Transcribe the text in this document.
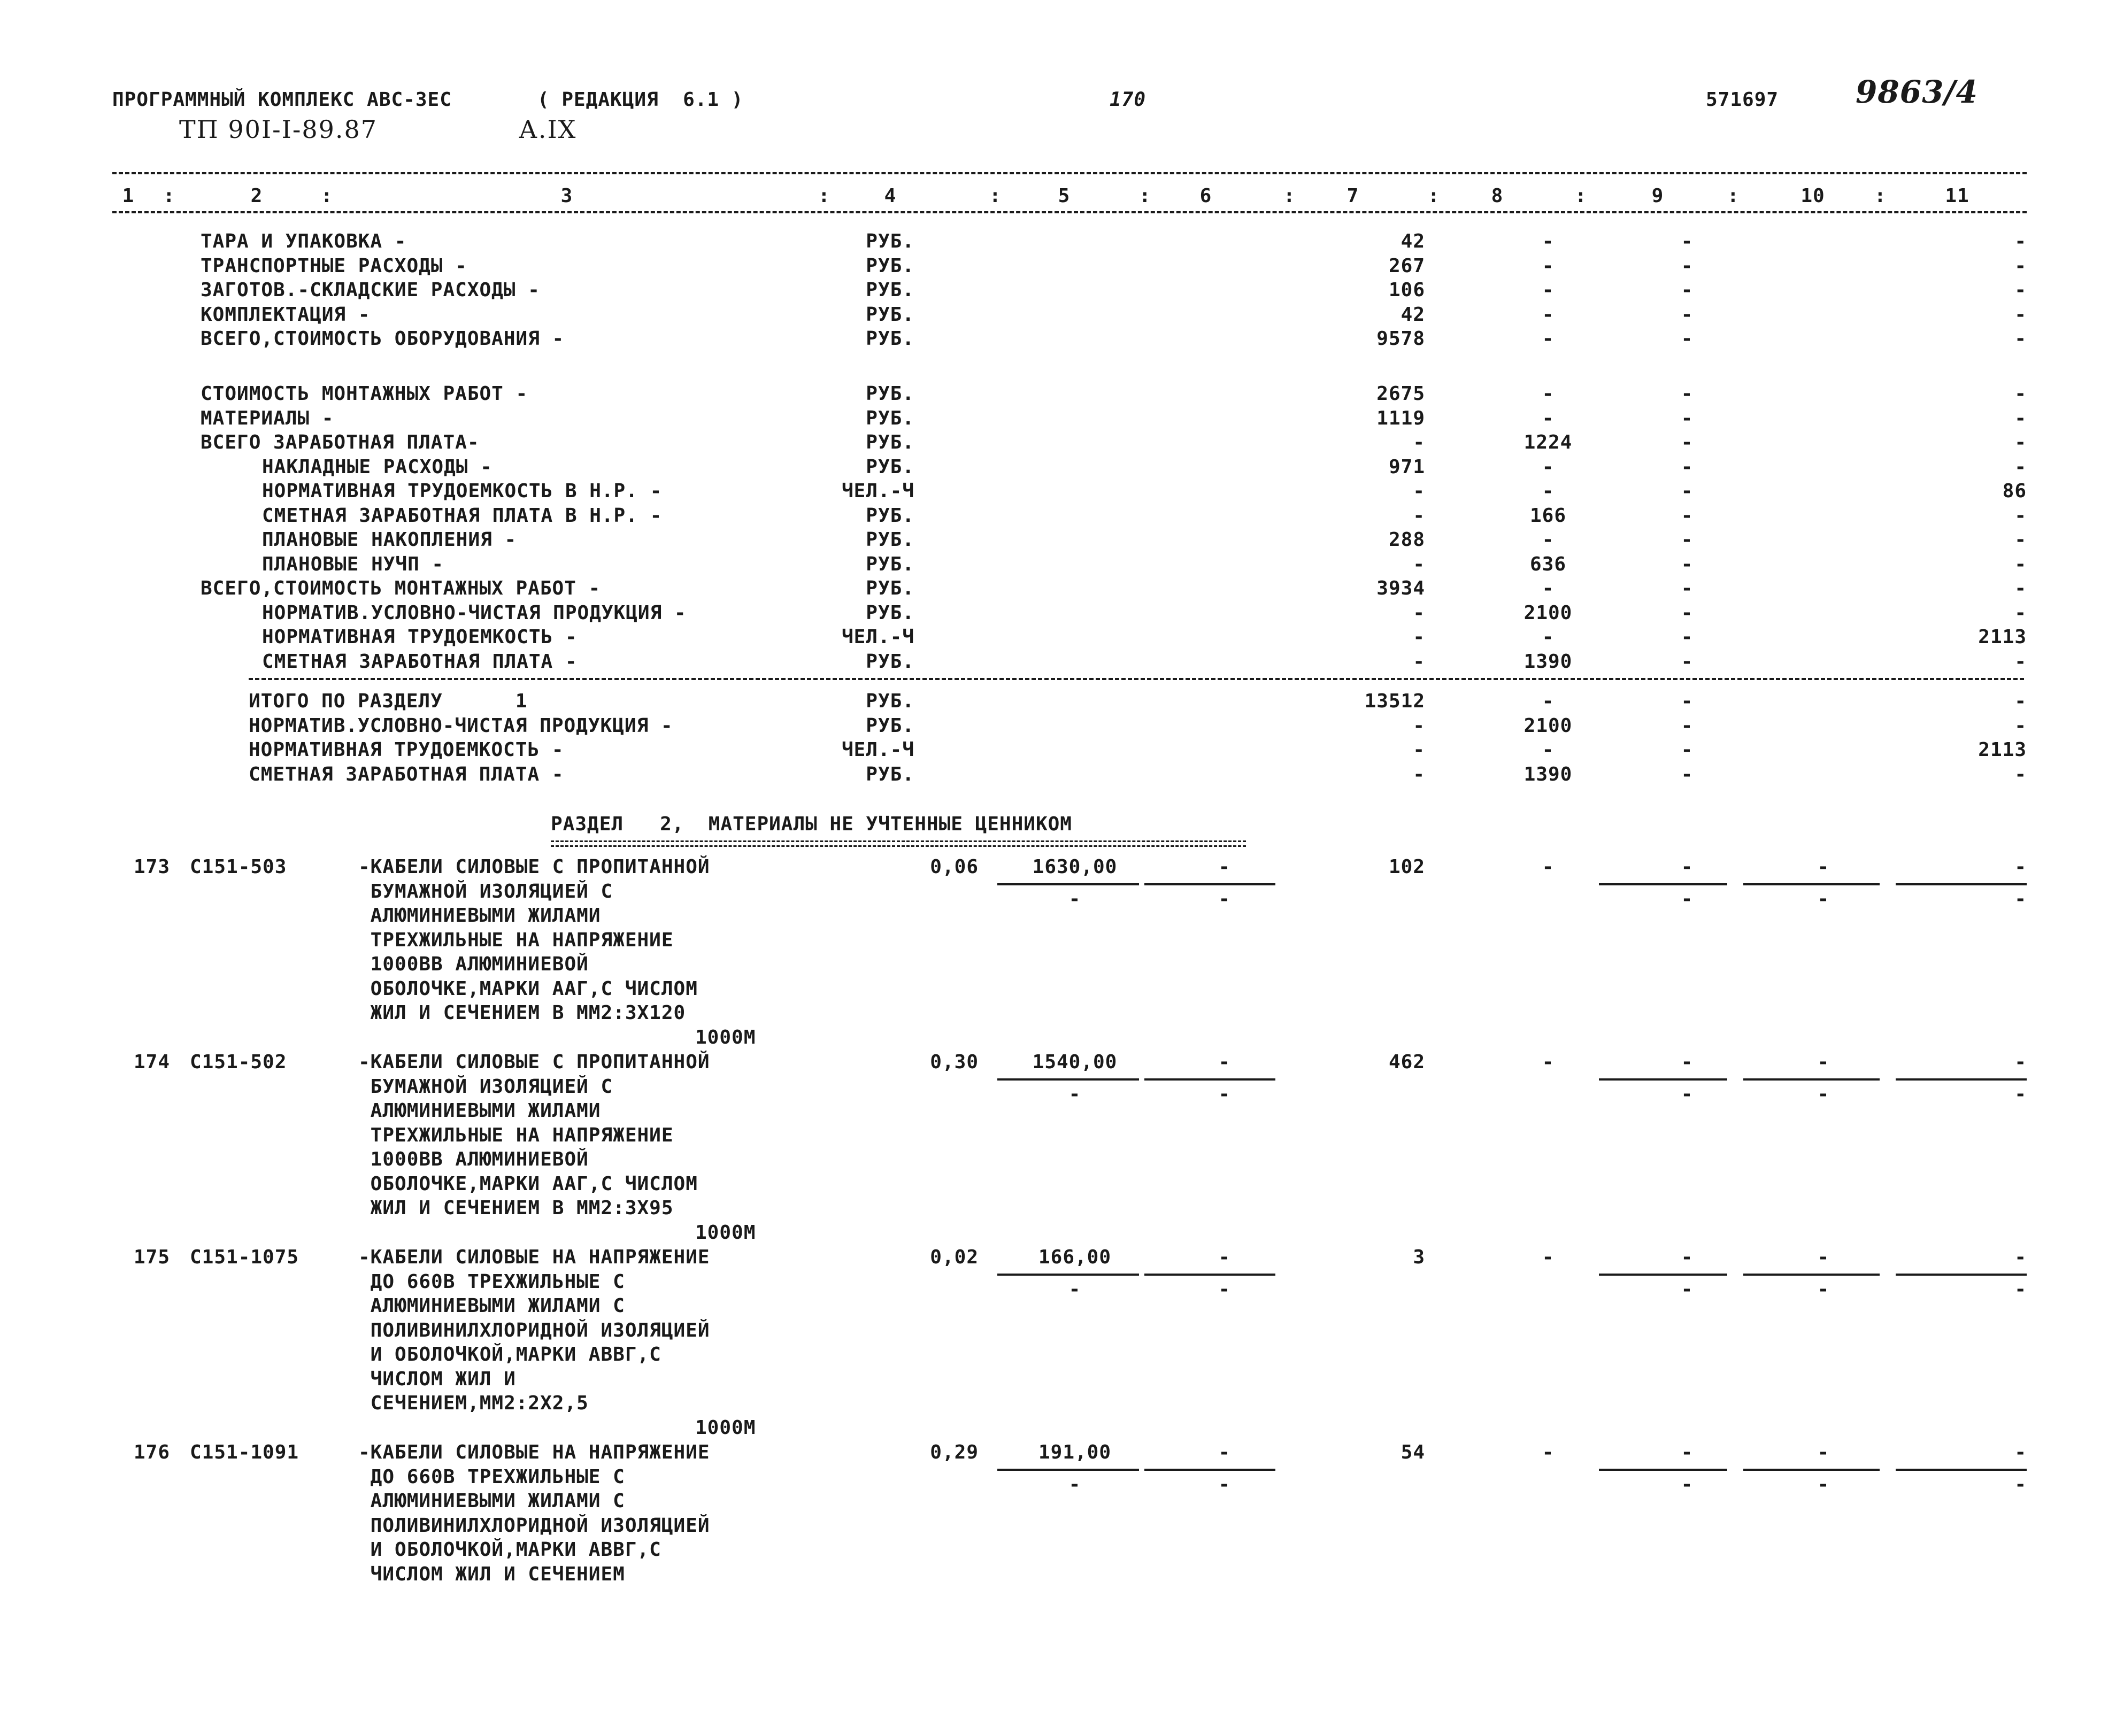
ПРОГРАММНЫЙ КОМПЛЕКС АВС-ЗЕС	( РЕДАКЦИЯ  6.1 )	170	571697 9863/4
ТП 90I-I-89.87	А.IX
1	2	3	4	5	6	7	8	9	10	11
:	:	:	:	:	:	:	:	:	:
ТАРА И УПАКОВКА -	РУБ.	42	-	-	-
ТРАНСПОРТНЫЕ РАСХОДЫ -	РУБ.	267	-	-	-
ЗАГОТОВ.-СКЛАДСКИЕ РАСХОДЫ -	РУБ.	106	-	-	-
КОМПЛЕКТАЦИЯ -	РУБ.	42	-	-	-
ВСЕГО,СТОИМОСТЬ ОБОРУДОВАНИЯ -	РУБ.	9578	-	-	-
СТОИМОСТЬ МОНТАЖНЫХ РАБОТ -	РУБ.	2675	-	-	-
МАТЕРИАЛЫ -	РУБ.	1119	-	-	-
ВСЕГО ЗАРАБОТНАЯ ПЛАТА-	РУБ.	-	1224	-	-
НАКЛАДНЫЕ РАСХОДЫ -	РУБ.	971	-	-	-
НОРМАТИВНАЯ ТРУДОЕМКОСТЬ В Н.Р. -	ЧЕЛ.-Ч	-	-	-	86
СМЕТНАЯ ЗАРАБОТНАЯ ПЛАТА В Н.Р. -	РУБ.	-	166	-	-
ПЛАНОВЫЕ НАКОПЛЕНИЯ -	РУБ.	288	-	-	-
ПЛАНОВЫЕ НУЧП -	РУБ.	-	636	-	-
ВСЕГО,СТОИМОСТЬ МОНТАЖНЫХ РАБОТ -	РУБ.	3934	-	-	-
НОРМАТИВ.УСЛОВНО-ЧИСТАЯ ПРОДУКЦИЯ -	РУБ.	-	2100	-	-
НОРМАТИВНАЯ ТРУДОЕМКОСТЬ -	ЧЕЛ.-Ч	-	-	-	2113
СМЕТНАЯ ЗАРАБОТНАЯ ПЛАТА -	РУБ.	-	1390	-	-
ИТОГО ПО РАЗДЕЛУ      1	РУБ.	13512	-	-	-
НОРМАТИВ.УСЛОВНО-ЧИСТАЯ ПРОДУКЦИЯ -	РУБ.	-	2100	-	-
НОРМАТИВНАЯ ТРУДОЕМКОСТЬ -	ЧЕЛ.-Ч	-	-	-	2113
СМЕТНАЯ ЗАРАБОТНАЯ ПЛАТА -	РУБ.	-	1390	-	-
РАЗДЕЛ   2,  МАТЕРИАЛЫ НЕ УЧТЕННЫЕ ЦЕННИКОМ
173 С151-503	-КАБЕЛИ СИЛОВЫЕ С ПРОПИТАННОЙ
БУМАЖНОЙ ИЗОЛЯЦИЕЙ С
АЛЮМИНИЕВЫМИ ЖИЛАМИ
ТРЕХЖИЛЬНЫЕ НА НАПРЯЖЕНИЕ
1000ВВ АЛЮМИНИЕВОЙ
ОБОЛОЧКЕ,МАРКИ ААГ,С ЧИСЛОМ
ЖИЛ И СЕЧЕНИЕМ В ММ2:3Х120
1000М
0,06	1630,00	-	102	-	-	-	-
-	-	-	-	-
174 С151-502	-КАБЕЛИ СИЛОВЫЕ С ПРОПИТАННОЙ
БУМАЖНОЙ ИЗОЛЯЦИЕЙ С
АЛЮМИНИЕВЫМИ ЖИЛАМИ
ТРЕХЖИЛЬНЫЕ НА НАПРЯЖЕНИЕ
1000ВВ АЛЮМИНИЕВОЙ
ОБОЛОЧКЕ,МАРКИ ААГ,С ЧИСЛОМ
ЖИЛ И СЕЧЕНИЕМ В ММ2:3Х95
1000М
0,30	1540,00	-	462	-	-	-	-
-	-	-	-	-
175 С151-1075	-КАБЕЛИ СИЛОВЫЕ НА НАПРЯЖЕНИЕ
ДО 660В ТРЕХЖИЛЬНЫЕ С
АЛЮМИНИЕВЫМИ ЖИЛАМИ С
ПОЛИВИНИЛХЛОРИДНОЙ ИЗОЛЯЦИЕЙ
И ОБОЛОЧКОЙ,МАРКИ АВВГ,С
ЧИСЛОМ ЖИЛ И
СЕЧЕНИЕМ,ММ2:2Х2,5
1000М
0,02	166,00	-	3	-	-	-	-
-	-	-	-	-
176 С151-1091	-КАБЕЛИ СИЛОВЫЕ НА НАПРЯЖЕНИЕ
ДО 660В ТРЕХЖИЛЬНЫЕ С
АЛЮМИНИЕВЫМИ ЖИЛАМИ С
ПОЛИВИНИЛХЛОРИДНОЙ ИЗОЛЯЦИЕЙ
И ОБОЛОЧКОЙ,МАРКИ АВВГ,С
ЧИСЛОМ ЖИЛ И СЕЧЕНИЕМ
0,29	191,00	-	54	-	-	-	-
-	-	-	-	-
